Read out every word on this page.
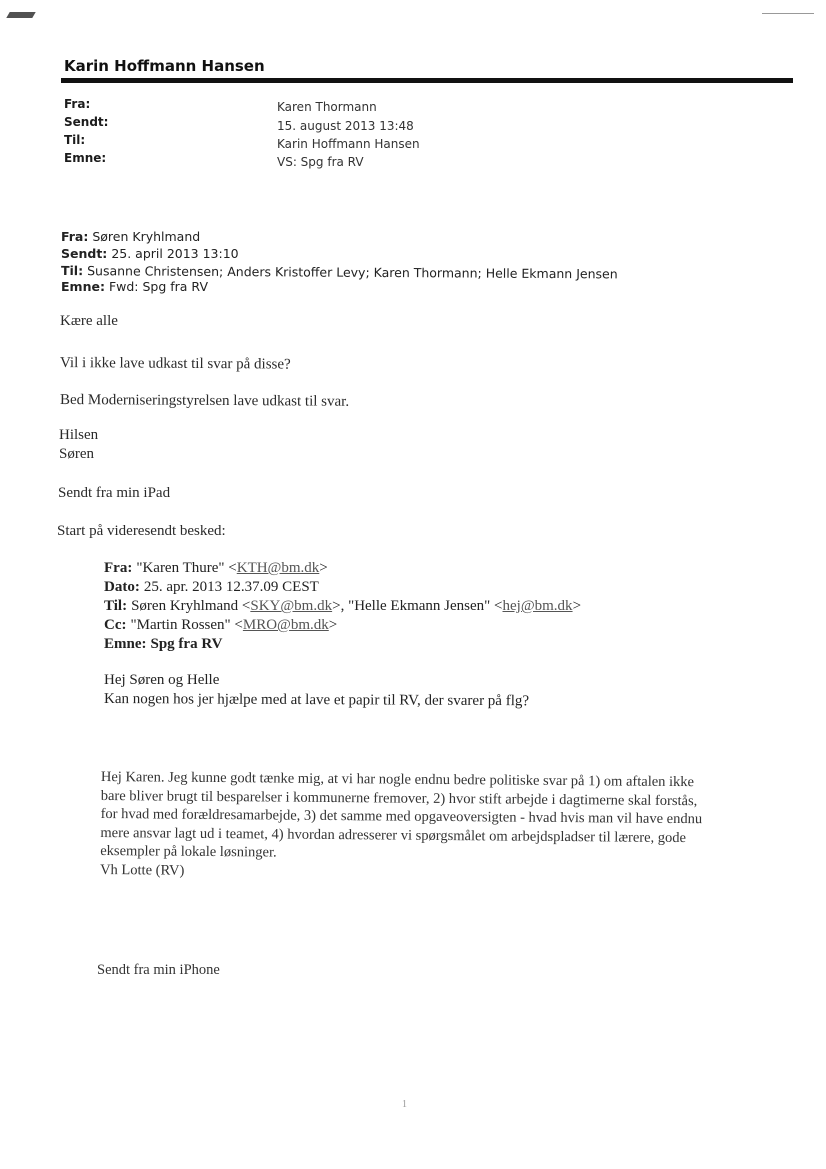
Karin Hoffmann Hansen
Fra:	Karen Thormann
Sendt:	15. august 2013 13:48
Til:	Karin Hoffmann Hansen
Emne:	VS: Spg fra RV
Fra: Søren Kryhlmand
Sendt: 25. april 2013 13:10
Til: Susanne Christensen; Anders Kristoffer Levy; Karen Thormann; Helle Ekmann Jensen
Emne: Fwd: Spg fra RV
Kære alle
Vil i ikke lave udkast til svar på disse?
Bed Moderniseringstyrelsen lave udkast til svar.
Hilsen
Søren
Sendt fra min iPad
Start på videresendt besked:
Fra: "Karen Thure" <KTH@bm.dk>
Dato: 25. apr. 2013 12.37.09 CEST
Til: Søren Kryhlmand <SKY@bm.dk>, "Helle Ekmann Jensen" <hej@bm.dk>
Cc: "Martin Rossen" <MRO@bm.dk>
Emne: Spg fra RV
Hej Søren og Helle
Kan nogen hos jer hjælpe med at lave et papir til RV, der svarer på flg?
Hej Karen. Jeg kunne godt tænke mig, at vi har nogle endnu bedre politiske svar på 1) om aftalen ikke bare bliver brugt til besparelser i kommunerne fremover, 2) hvor stift arbejde i dagtimerne skal forstås, for hvad med forældresamarbejde, 3) det samme med opgaveoversigten - hvad hvis man vil have endnu mere ansvar lagt ud i teamet, 4) hvordan adresserer vi spørgsmålet om arbejdspladser til lærere, gode eksempler på lokale løsninger.
Vh Lotte (RV)
Sendt fra min iPhone
1
